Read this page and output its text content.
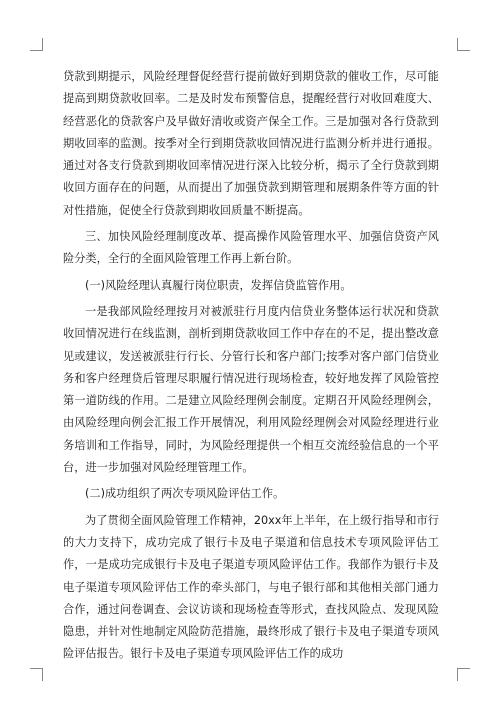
贷款到期提示，风险经理督促经营行提前做好到期贷款的催收工作，尽可能提高到期贷款收回率。二是及时发布预警信息，提醒经营行对收回难度大、经营恶化的贷款客户及早做好清收或资产保全工作。三是加强对各行贷款到期收回率的监测。按季对全行到期贷款收回情况进行监测分析并进行通报。通过对各支行贷款到期收回率情况进行深入比较分析，揭示了全行贷款到期收回方面存在的问题，从而提出了加强贷款到期管理和展期条件等方面的针对性措施，促使全行贷款到期收回质量不断提高。

三、加快风险经理制度改革、提高操作风险管理水平、加强信贷资产风险分类，全行的全面风险管理工作再上新台阶。

(一)风险经理认真履行岗位职责，发挥信贷监管作用。

一是我部风险经理按月对被派驻行月度内信贷业务整体运行状况和贷款收回情况进行在线监测，剖析到期贷款收回工作中存在的不足，提出整改意见或建议，发送被派驻行行长、分管行长和客户部门;按季对客户部门信贷业务和客户经理贷后管理尽职履行情况进行现场检查，较好地发挥了风险管控第一道防线的作用。二是建立风险经理例会制度。定期召开风险经理例会，由风险经理向例会汇报工作开展情况，利用风险经理例会对风险经理进行业务培训和工作指导，同时，为风险经理提供一个相互交流经验信息的一个平台，进一步加强对风险经理管理工作。

(二)成功组织了两次专项风险评估工作。

为了贯彻全面风险管理工作精神，20xx年上半年，在上级行指导和市行的大力支持下，成功完成了银行卡及电子渠道和信息技术专项风险评估工作，一是成功完成银行卡及电子渠道专项风险评估工作。我部作为银行卡及电子渠道专项风险评估工作的牵头部门，与电子银行部和其他相关部门通力合作，通过问卷调查、会议访谈和现场检查等形式，查找风险点、发现风险隐患，并针对性地制定风险防范措施，最终形成了银行卡及电子渠道专项风险评估报告。银行卡及电子渠道专项风险评估工作的成功
